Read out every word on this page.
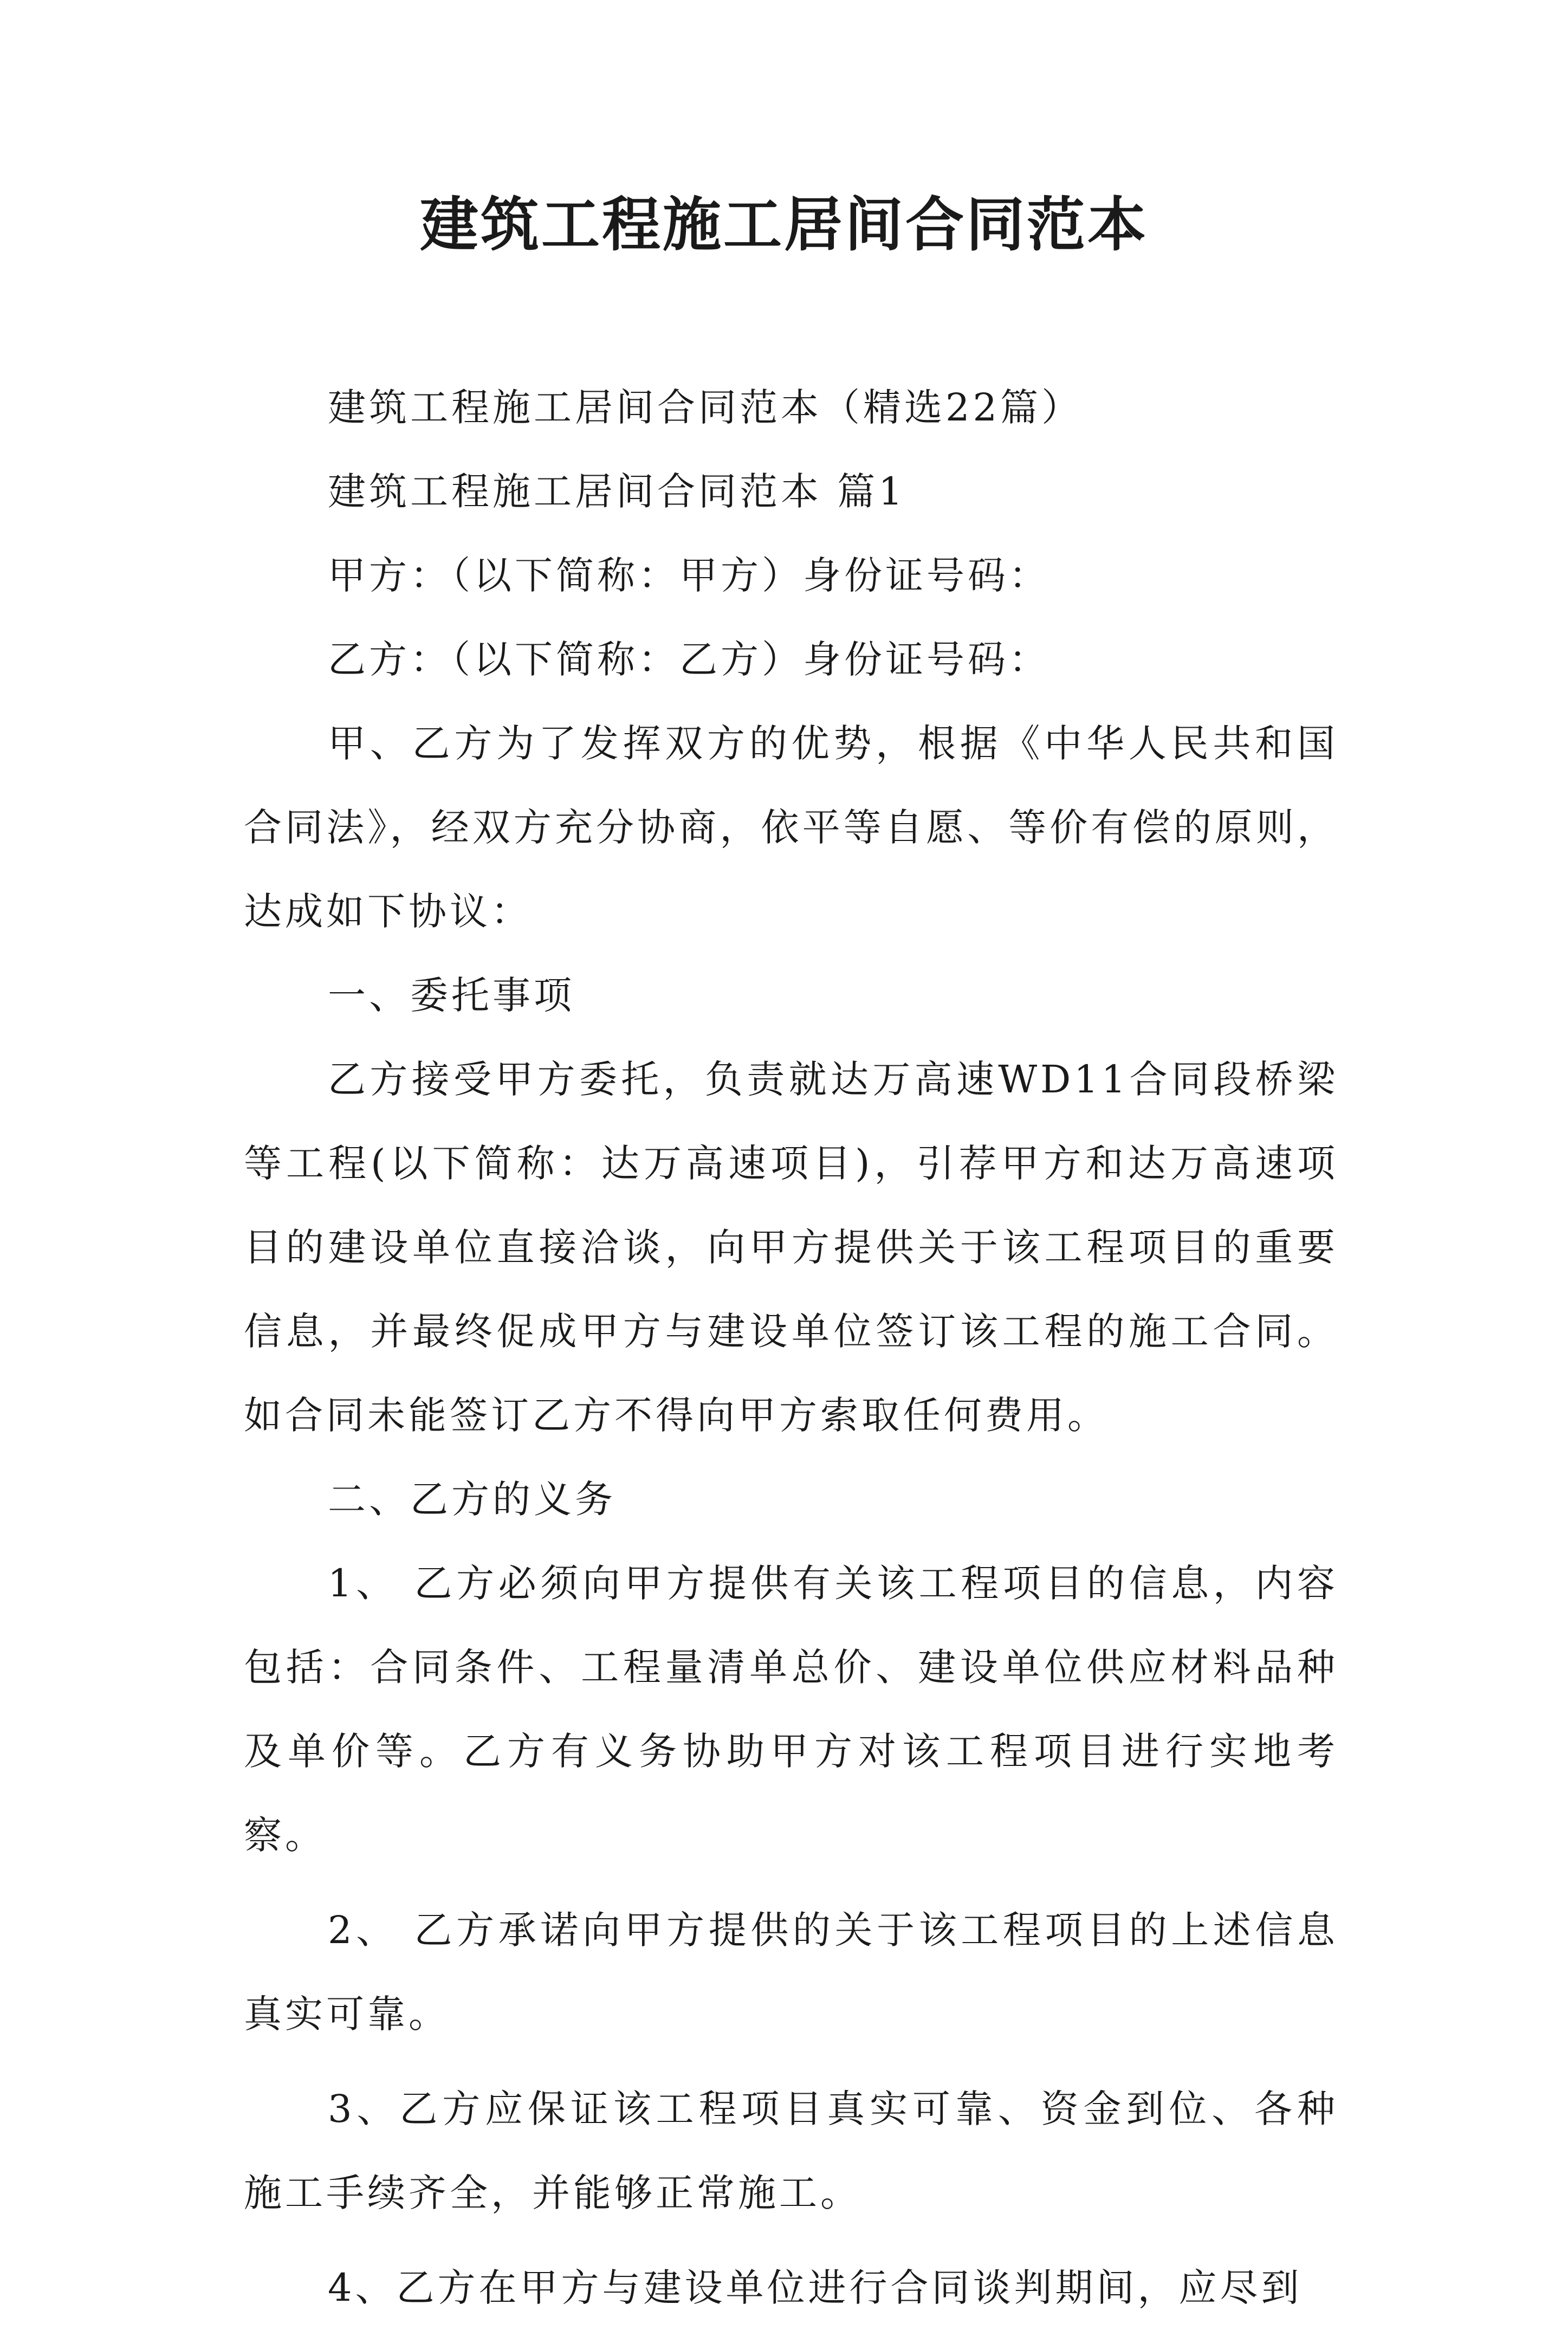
建筑工程施工居间合同范本

建筑工程施工居间合同范本（精选22篇）

建筑工程施工居间合同范本 篇1

甲方：（以下简称：甲方）身份证号码：

乙方：（以下简称：乙方）身份证号码：

甲、乙方为了发挥双方的优势，根据《中华人民共和国合同法》，经双方充分协商，依平等自愿、等价有偿的原则，达成如下协议：

一、委托事项

乙方接受甲方委托，负责就达万高速WD11合同段桥梁等工程(以下简称：达万高速项目)，引荐甲方和达万高速项目的建设单位直接洽谈，向甲方提供关于该工程项目的重要信息，并最终促成甲方与建设单位签订该工程的施工合同。如合同未能签订乙方不得向甲方索取任何费用。

二、乙方的义务

1、 乙方必须向甲方提供有关该工程项目的信息，内容包括：合同条件、工程量清单总价、建设单位供应材料品种及单价等。乙方有义务协助甲方对该工程项目进行实地考察。

2、 乙方承诺向甲方提供的关于该工程项目的上述信息真实可靠。

3、乙方应保证该工程项目真实可靠、资金到位、各种施工手续齐全，并能够正常施工。

4、乙方在甲方与建设单位进行合同谈判期间，应尽到
